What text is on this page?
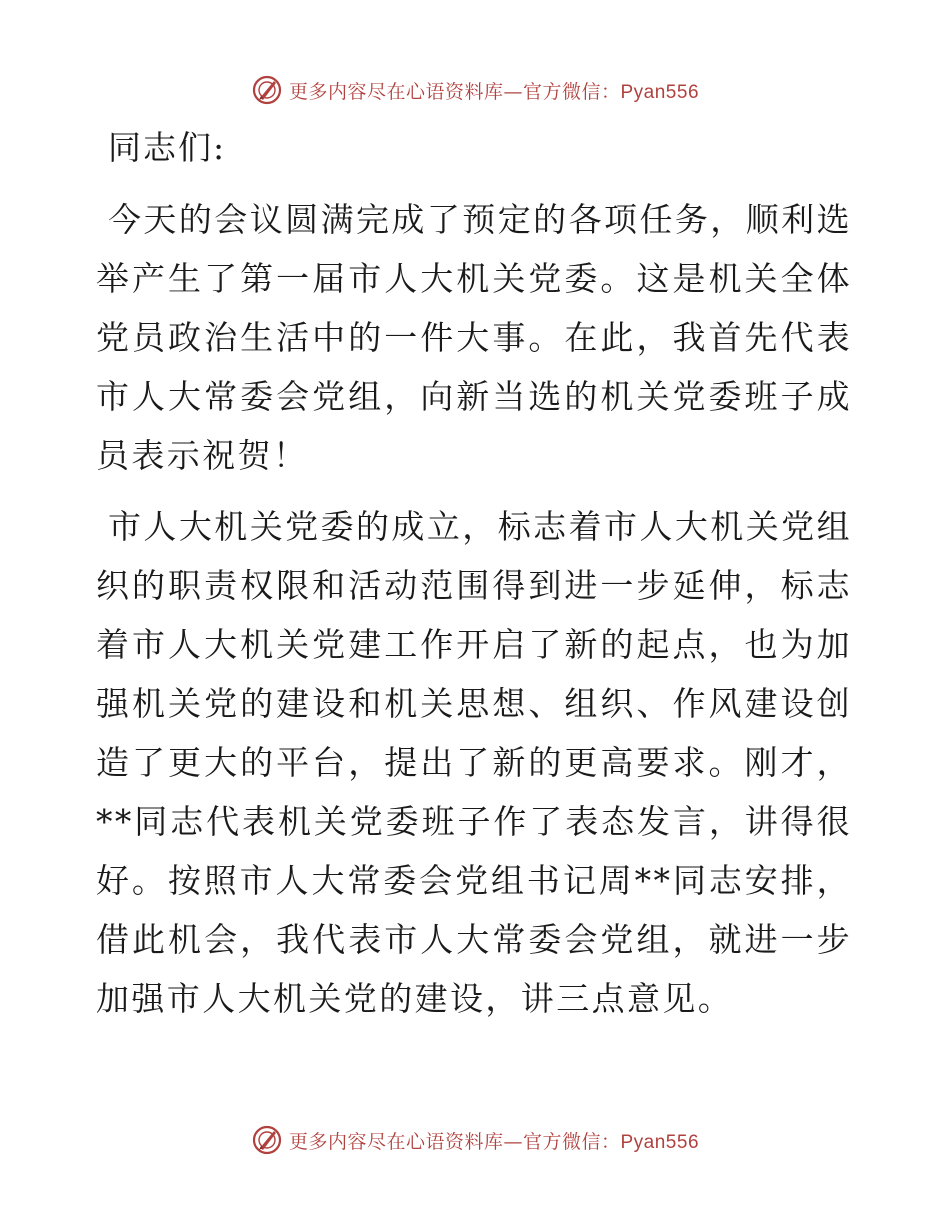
更多内容尽在心语资料库—官方微信：Pyan556
同志们:

今天的会议圆满完成了预定的各项任务，顺利选举产生了第一届市人大机关党委。这是机关全体党员政治生活中的一件大事。在此，我首先代表市人大常委会党组，向新当选的机关党委班子成员表示祝贺！

市人大机关党委的成立，标志着市人大机关党组织的职责权限和活动范围得到进一步延伸，标志着市人大机关党建工作开启了新的起点，也为加强机关党的建设和机关思想、组织、作风建设创造了更大的平台，提出了新的更高要求。刚才，**同志代表机关党委班子作了表态发言，讲得很好。按照市人大常委会党组书记周**同志安排，借此机会，我代表市人大常委会党组，就进一步加强市人大机关党的建设，讲三点意见。

更多内容尽在心语资料库—官方微信：Pyan556
